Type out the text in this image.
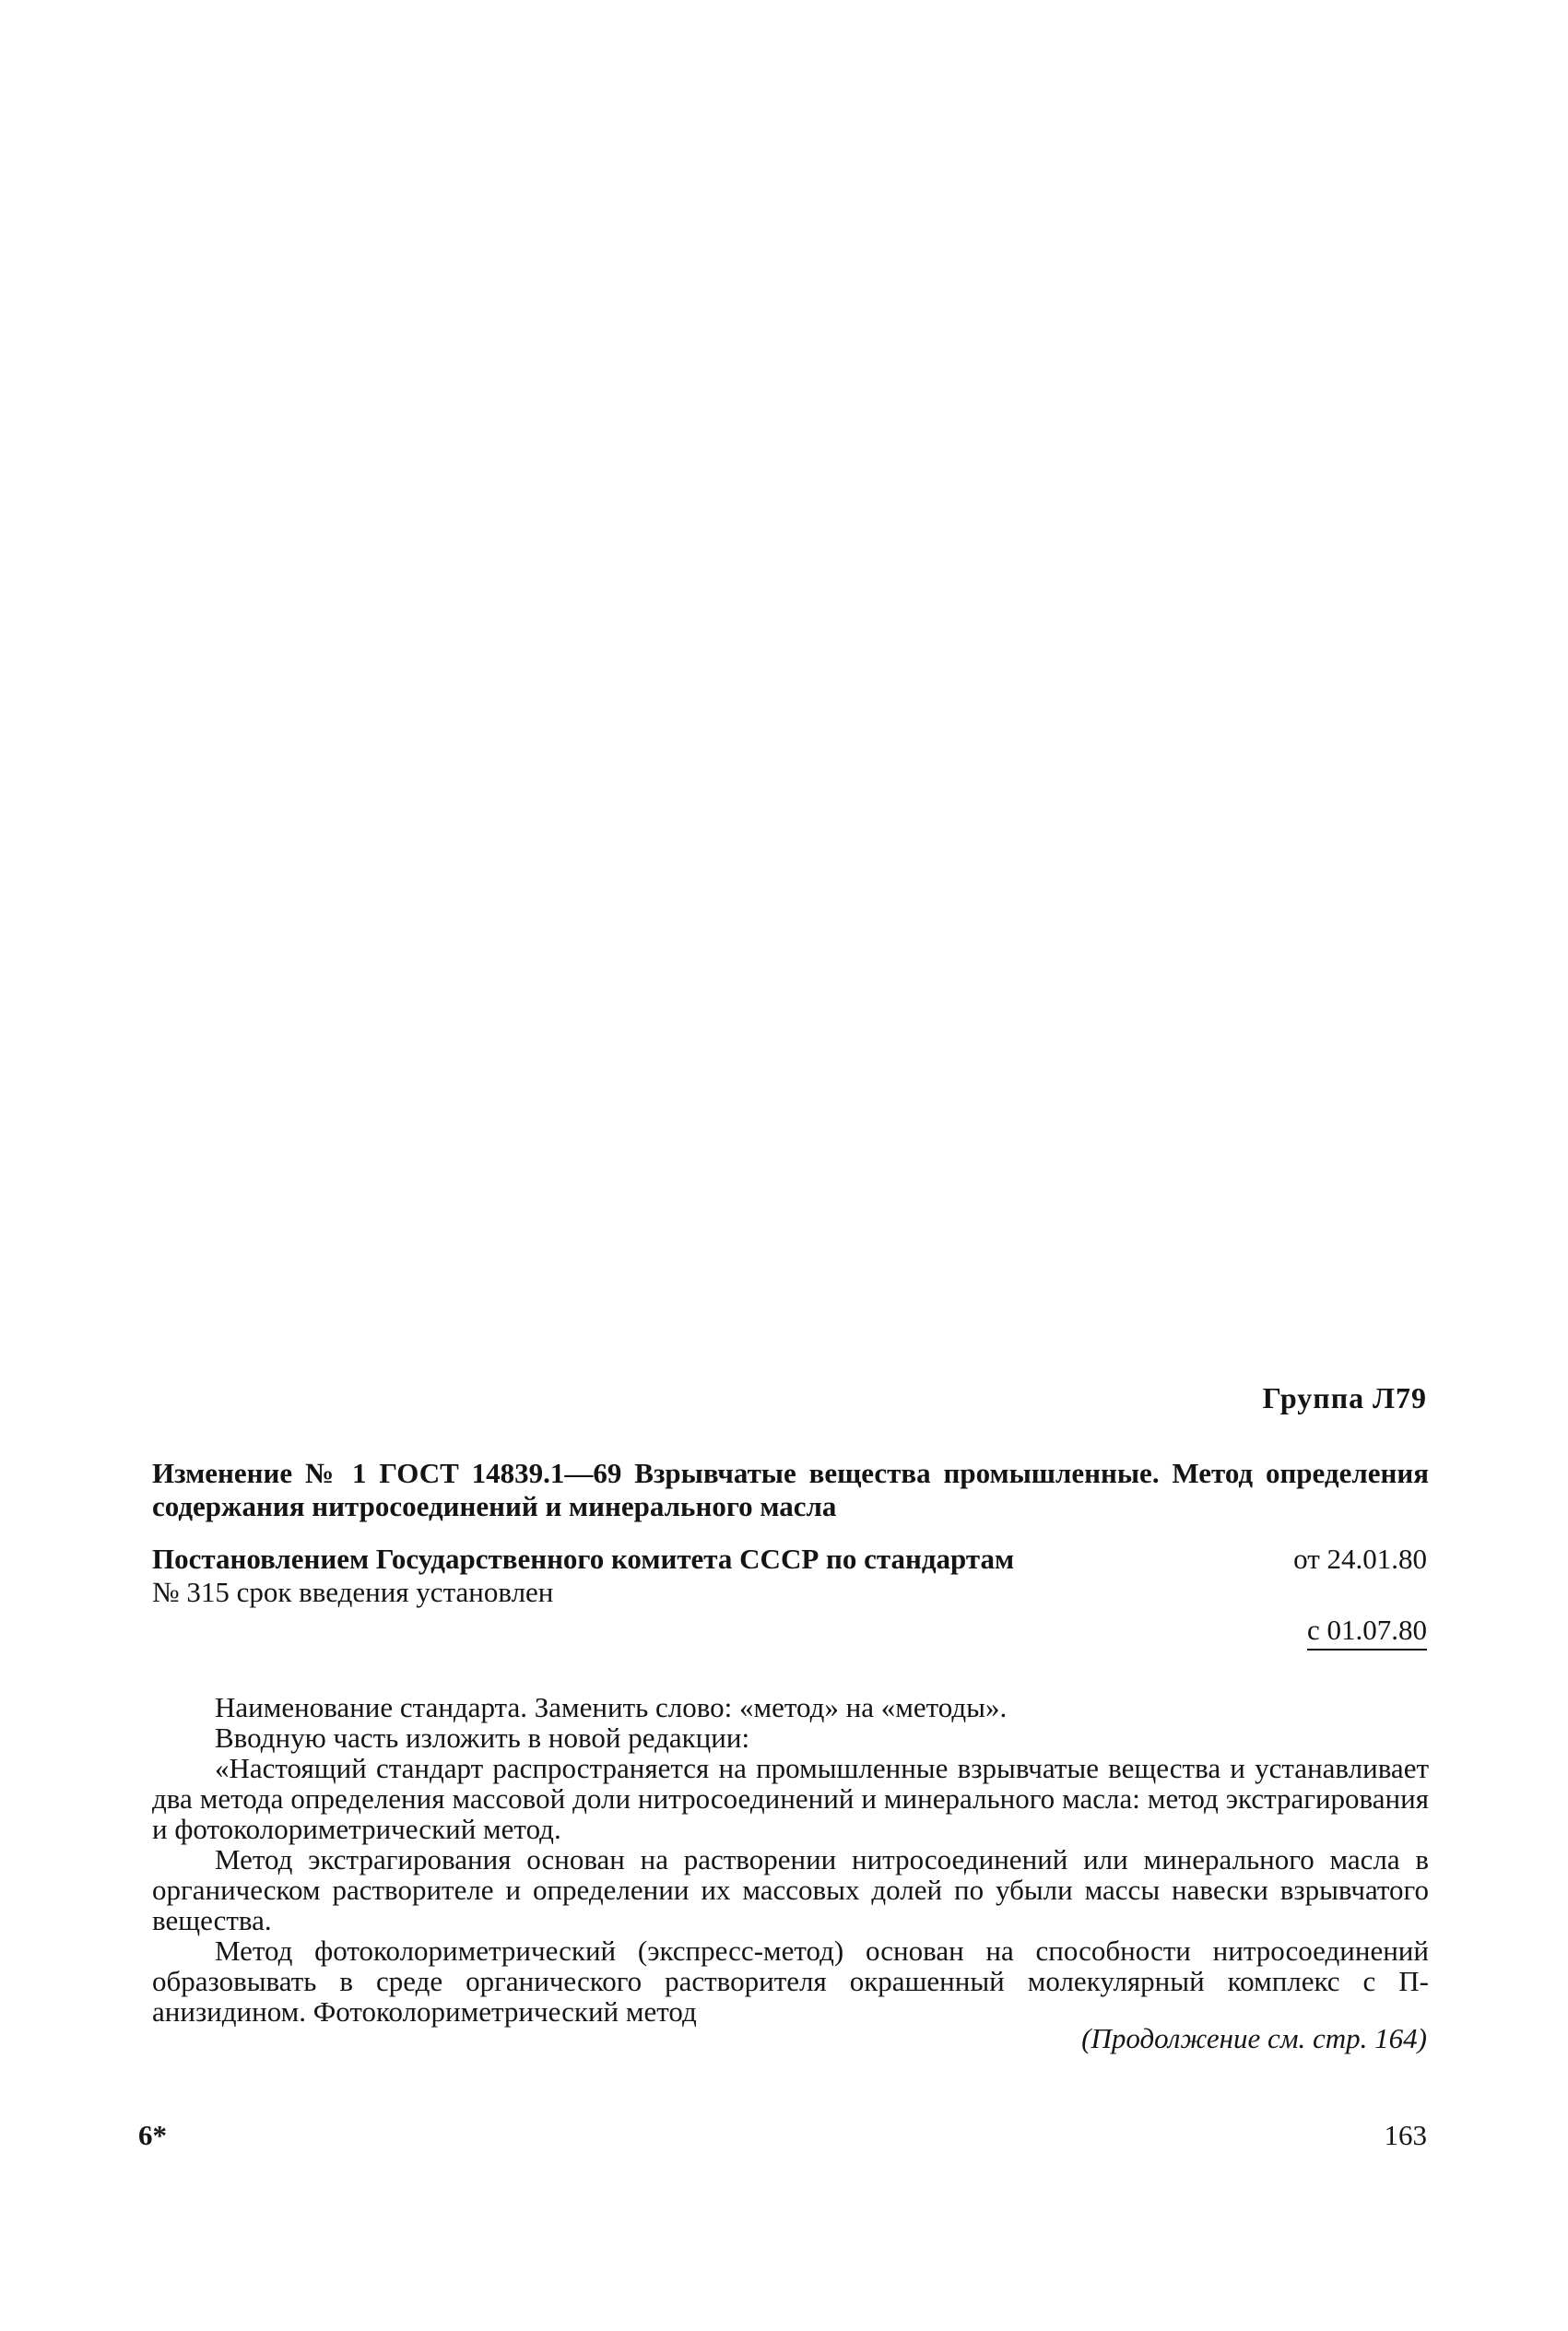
Группа Л79
Изменение № 1 ГОСТ 14839.1—69 Взрывчатые вещества промышленные. Метод определения содержания нитросоединений и минерального масла
Постановлением Государственного комитета СССР по стандартам
№ 315 срок введения установлен
от 24.01.80
с 01.07.80

Наименование стандарта. Заменить слово: «метод» на «методы».

Вводную часть изложить в новой редакции:

«Настоящий стандарт распространяется на промышленные взрывчатые вещества и устанавливает два метода определения массовой доли нитросоединений и минерального масла: метод экстрагирования и фотоколориметрический метод.

Метод экстрагирования основан на растворении нитросоединений или минерального масла в органическом растворителе и определении их массовых долей по убыли массы навески взрывчатого вещества.

Метод фотоколориметрический (экспресс-метод) основан на способности нитросоединений образовывать в среде органического растворителя окрашенный молекулярный комплекс с П-анизидином. Фотоколориметрический метод

(Продолжение см. стр. 164)
6*	163
